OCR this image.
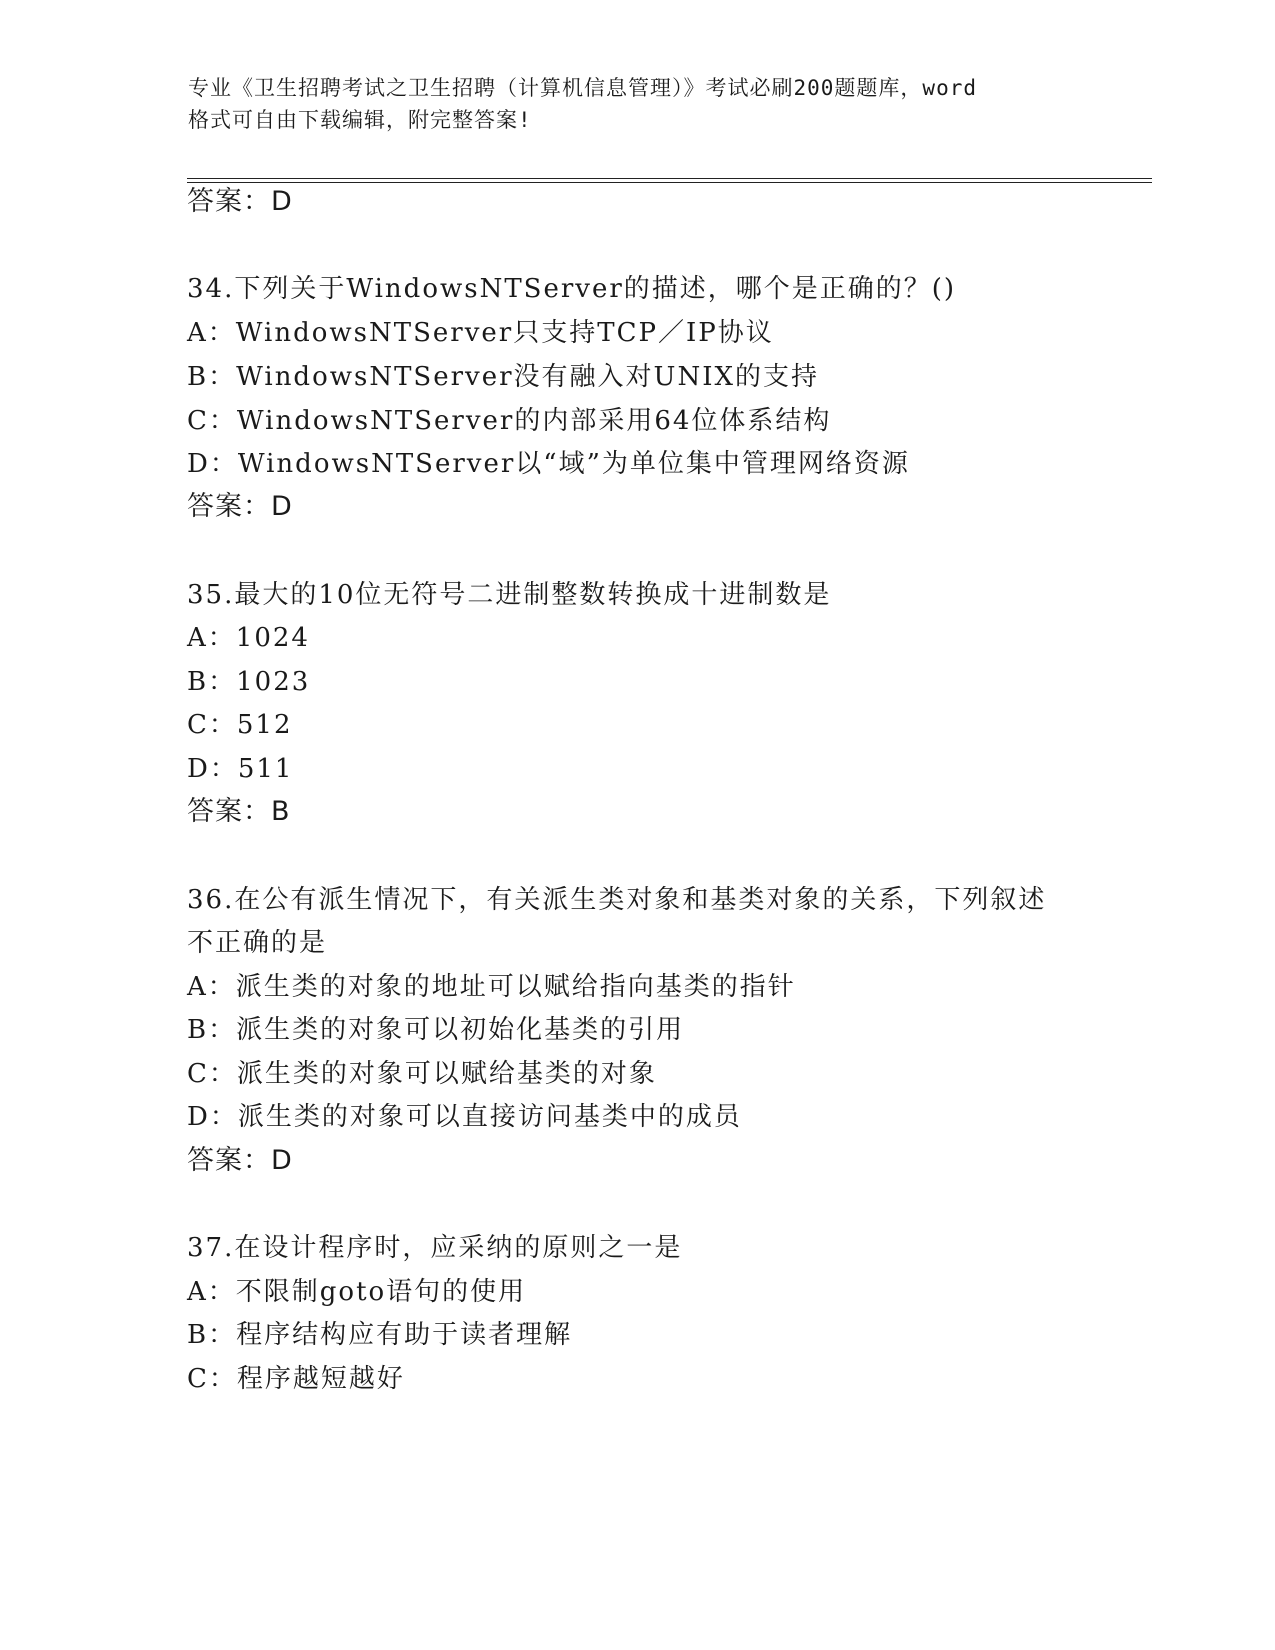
专业《卫生招聘考试之卫生招聘（计算机信息管理）》考试必刷200题题库，word
格式可自由下载编辑，附完整答案!
答案：D
34.下列关于WindowsNTServer的描述，哪个是正确的？()
A：WindowsNTServer只支持TCP／IP协议
B：WindowsNTServer没有融入对UNIX的支持
C：WindowsNTServer的内部采用64位体系结构
D：WindowsNTServer以“域”为单位集中管理网络资源
答案：D
35.最大的10位无符号二进制整数转换成十进制数是
A：1024
B：1023
C：512
D：511
答案：B
36.在公有派生情况下，有关派生类对象和基类对象的关系，下列叙述
不正确的是
A：派生类的对象的地址可以赋给指向基类的指针
B：派生类的对象可以初始化基类的引用
C：派生类的对象可以赋给基类的对象
D：派生类的对象可以直接访问基类中的成员
答案：D
37.在设计程序时，应采纳的原则之一是
A：不限制goto语句的使用
B：程序结构应有助于读者理解
C：程序越短越好
